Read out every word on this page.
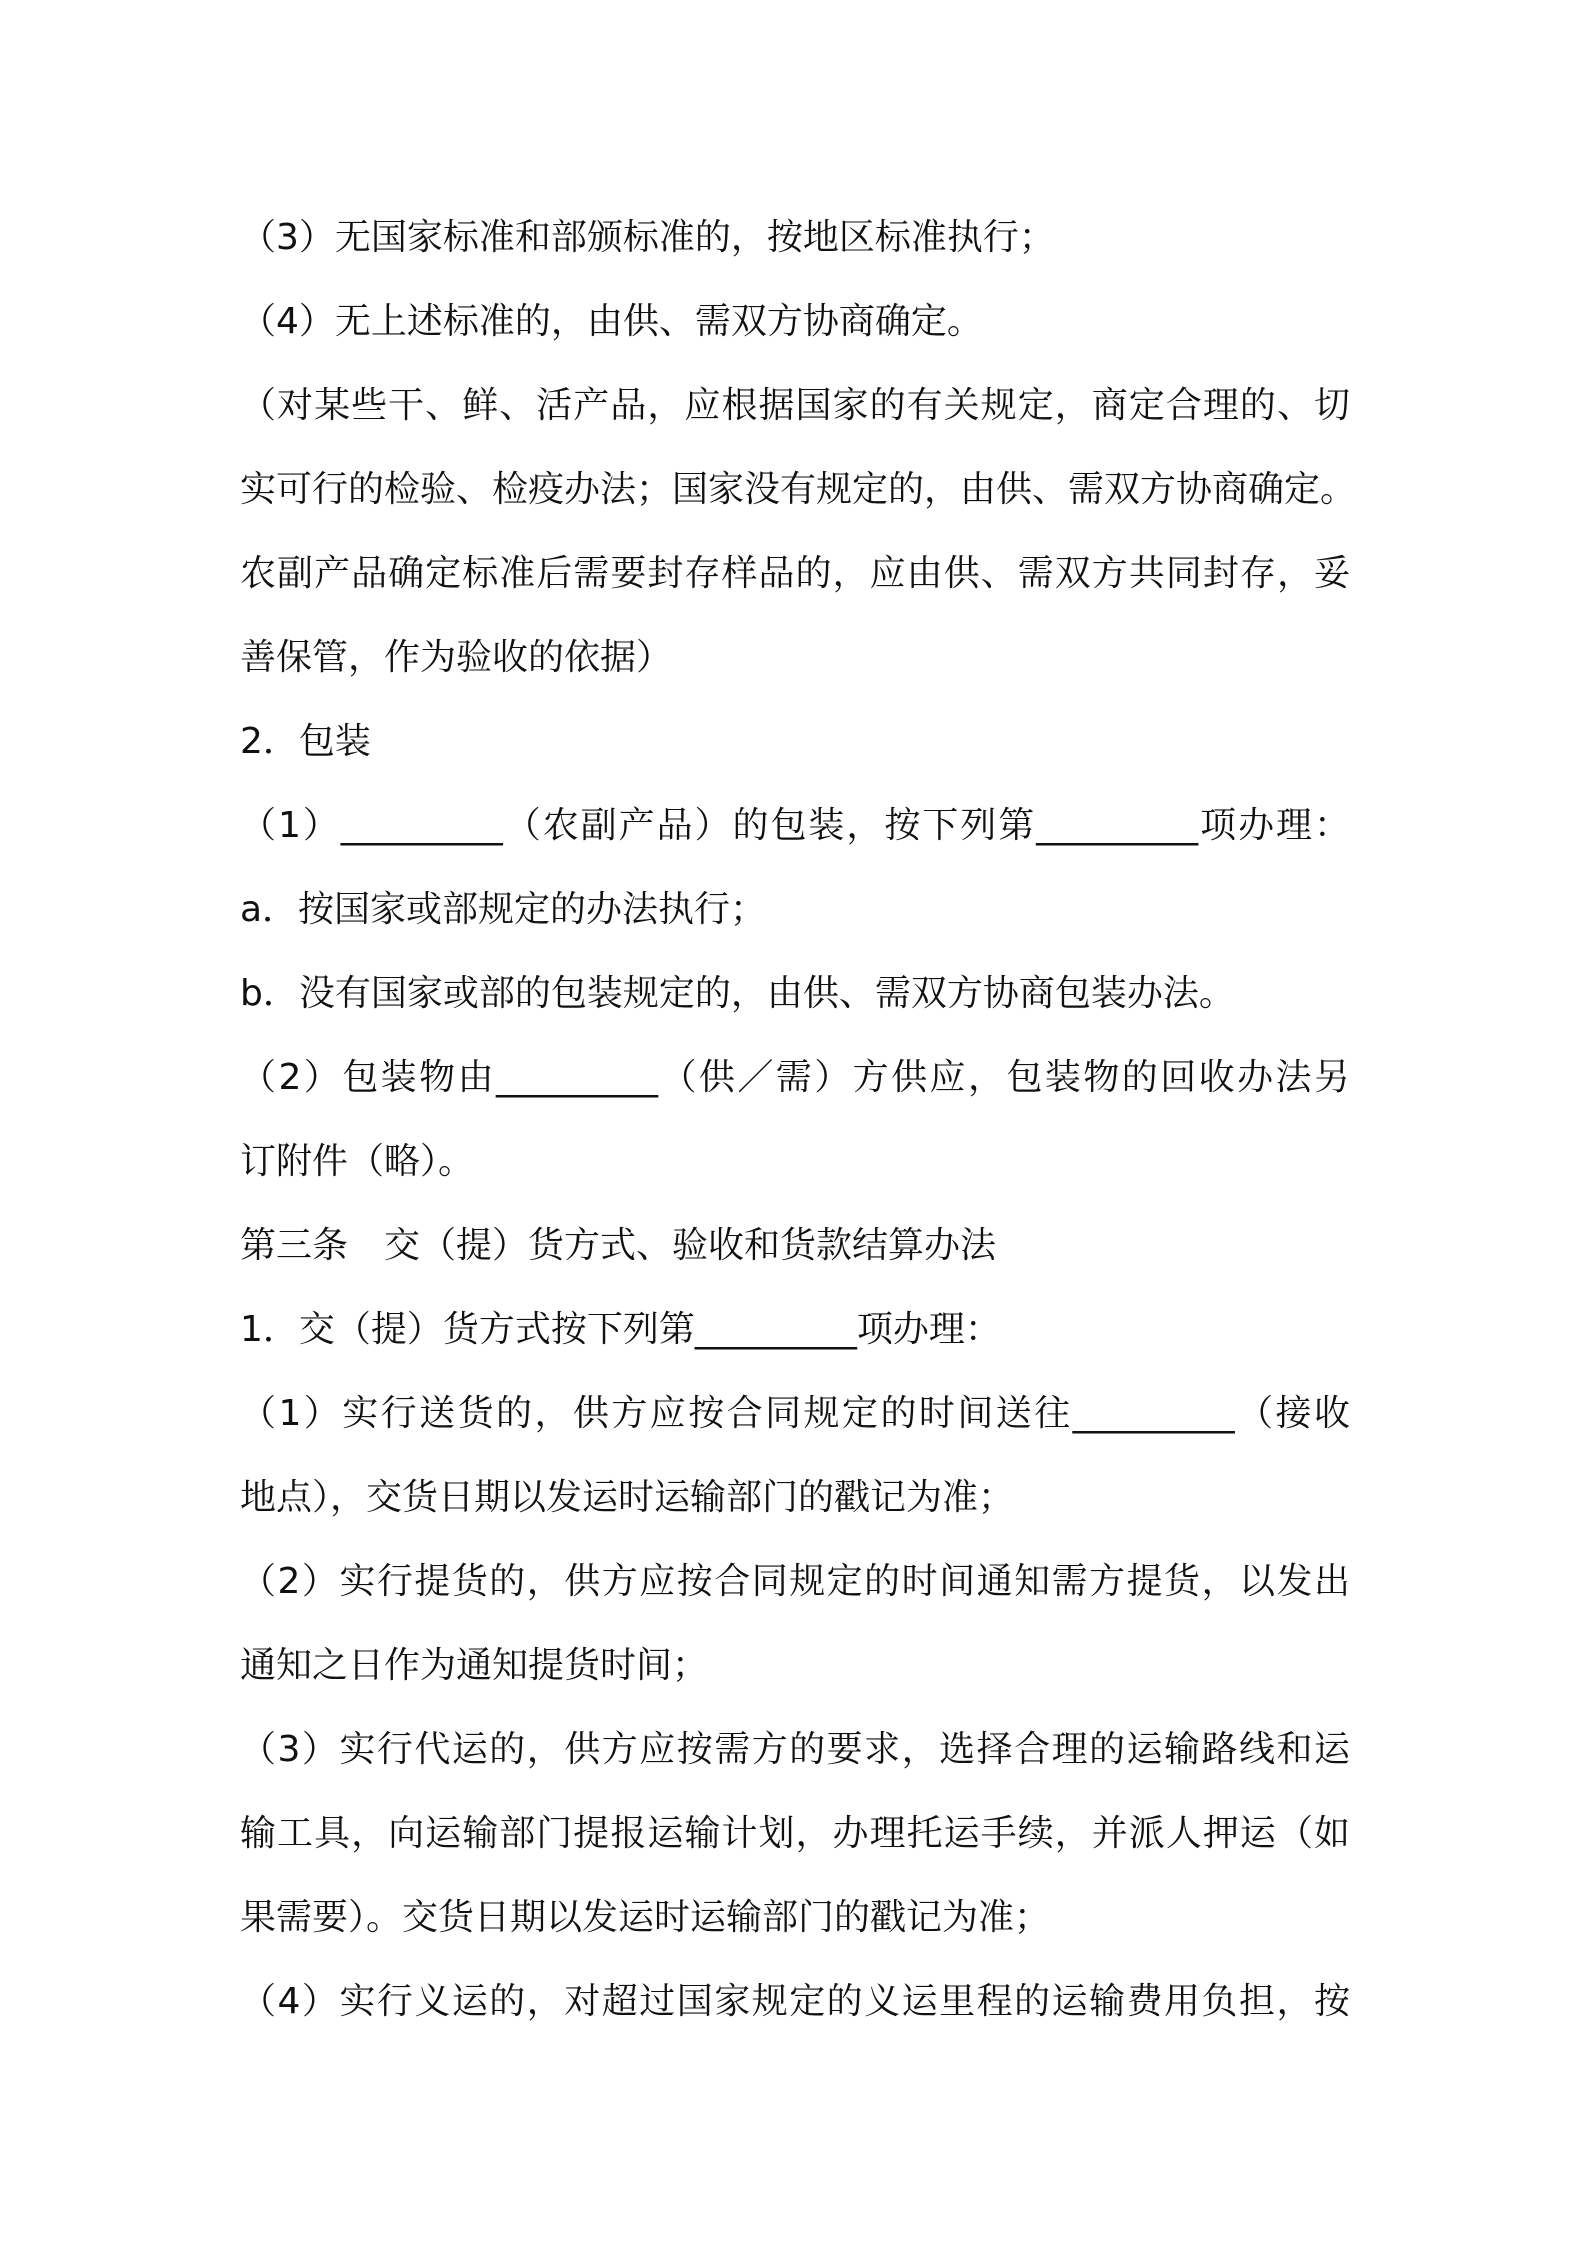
（3）无国家标准和部颁标准的，按地区标准执行；
（4）无上述标准的，由供、需双方协商确定。
（对某些干、鲜、活产品，应根据国家的有关规定，商定合理的、切
实可行的检验、检疫办法；国家没有规定的，由供、需双方协商确定。
农副产品确定标准后需要封存样品的，应由供、需双方共同封存，妥
善保管，作为验收的依据）
2．包装
（1）_________（农副产品）的包装，按下列第_________项办理：
a．按国家或部规定的办法执行；
b．没有国家或部的包装规定的，由供、需双方协商包装办法。
（2）包装物由_________（供／需）方供应，包装物的回收办法另
订附件（略）。
第三条　交（提）货方式、验收和货款结算办法
1．交（提）货方式按下列第_________项办理：
（1）实行送货的，供方应按合同规定的时间送往_________（接收
地点），交货日期以发运时运输部门的戳记为准；
（2）实行提货的，供方应按合同规定的时间通知需方提货，以发出
通知之日作为通知提货时间；
（3）实行代运的，供方应按需方的要求，选择合理的运输路线和运
输工具，向运输部门提报运输计划，办理托运手续，并派人押运（如
果需要）。交货日期以发运时运输部门的戳记为准；
（4）实行义运的，对超过国家规定的义运里程的运输费用负担，按
